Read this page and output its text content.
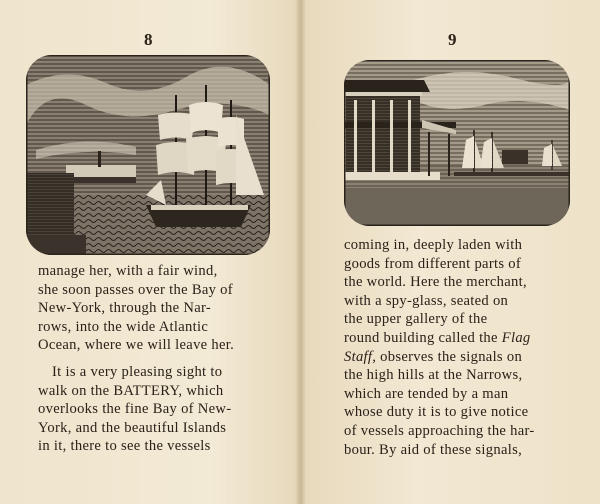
8
manage her, with a fair wind,
she soon passes over the Bay of
New-York, through the Nar-
rows, into the wide Atlantic
Ocean, where we will leave her.
It is a very pleasing sight to
walk on the BATTERY, which
overlooks the fine Bay of New-
York, and the beautiful Islands
in it, there to see the vessels
9
coming in, deeply laden with
goods from different parts of
the world. Here the merchant,
with a spy-glass, seated on
the upper gallery of the
round building called the Flag
Staff, observes the signals on
the high hills at the Narrows,
which are tended by a man
whose duty it is to give notice
of vessels approaching the har-
bour. By aid of these signals,
